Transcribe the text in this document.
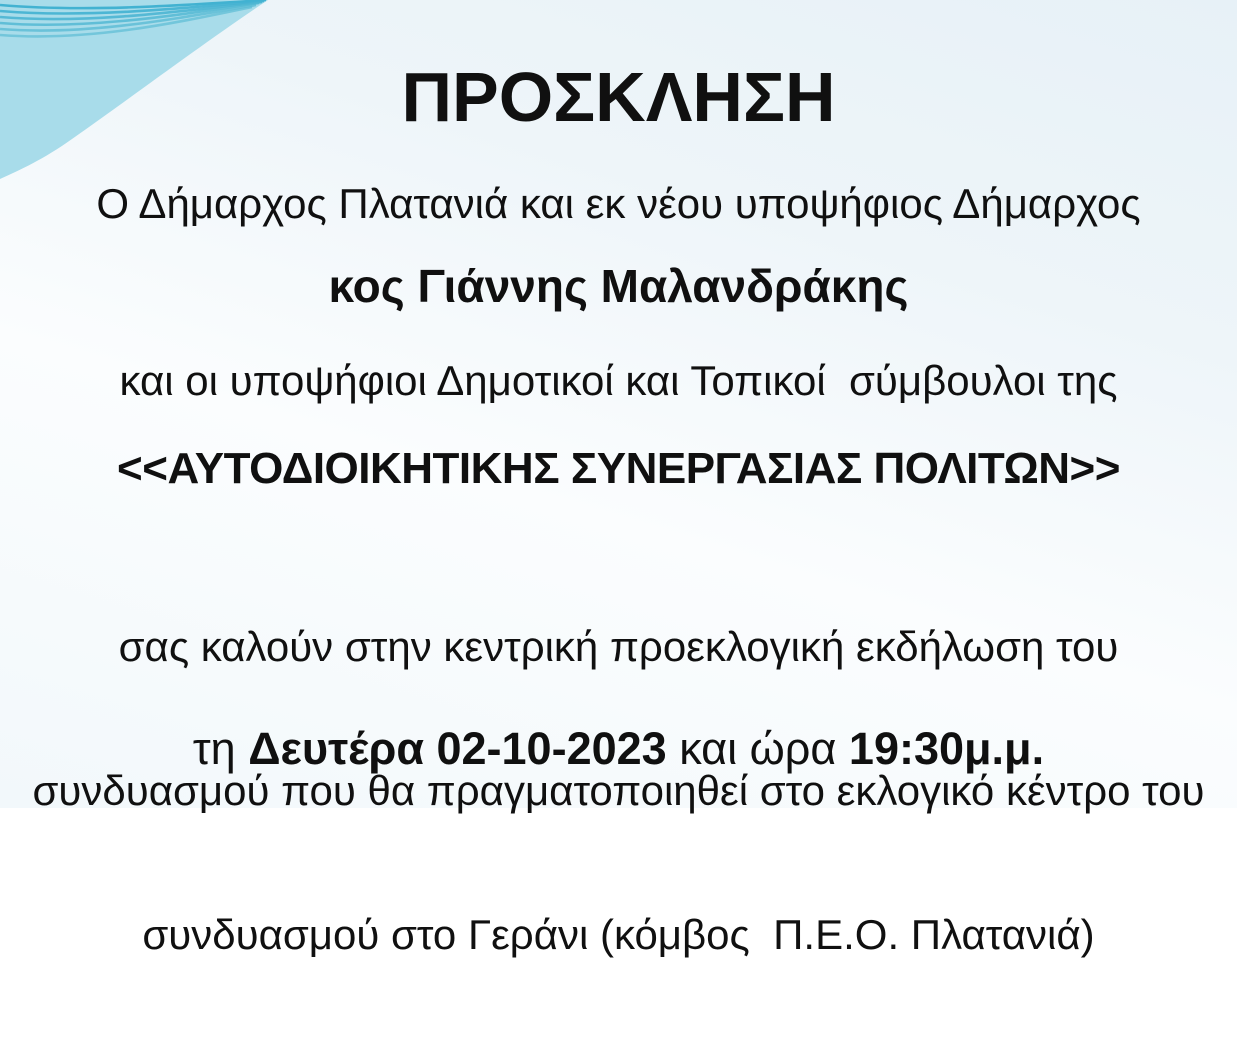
ΠΡΟΣΚΛΗΣΗ

Ο Δήμαρχος Πλατανιά και εκ νέου υποψήφιος Δήμαρχος

κος Γιάννης Μαλανδράκης

και οι υποψήφιοι Δημοτικοί και Τοπικοί  σύμβουλοι της

<<ΑΥΤΟΔΙΟΙΚΗΤΙΚΗΣ ΣΥΝΕΡΓΑΣΙΑΣ ΠΟΛΙΤΩΝ>>

σας καλούν στην κεντρική προεκλογική εκδήλωση του

συνδυασμού που θα πραγματοποιηθεί στο εκλογικό κέντρο του

συνδυασμού στο Γεράνι (κόμβος  Π.Ε.Ο. Πλατανιά)

τη Δευτέρα 02-10-2023 και ώρα 19:30μ.μ.
